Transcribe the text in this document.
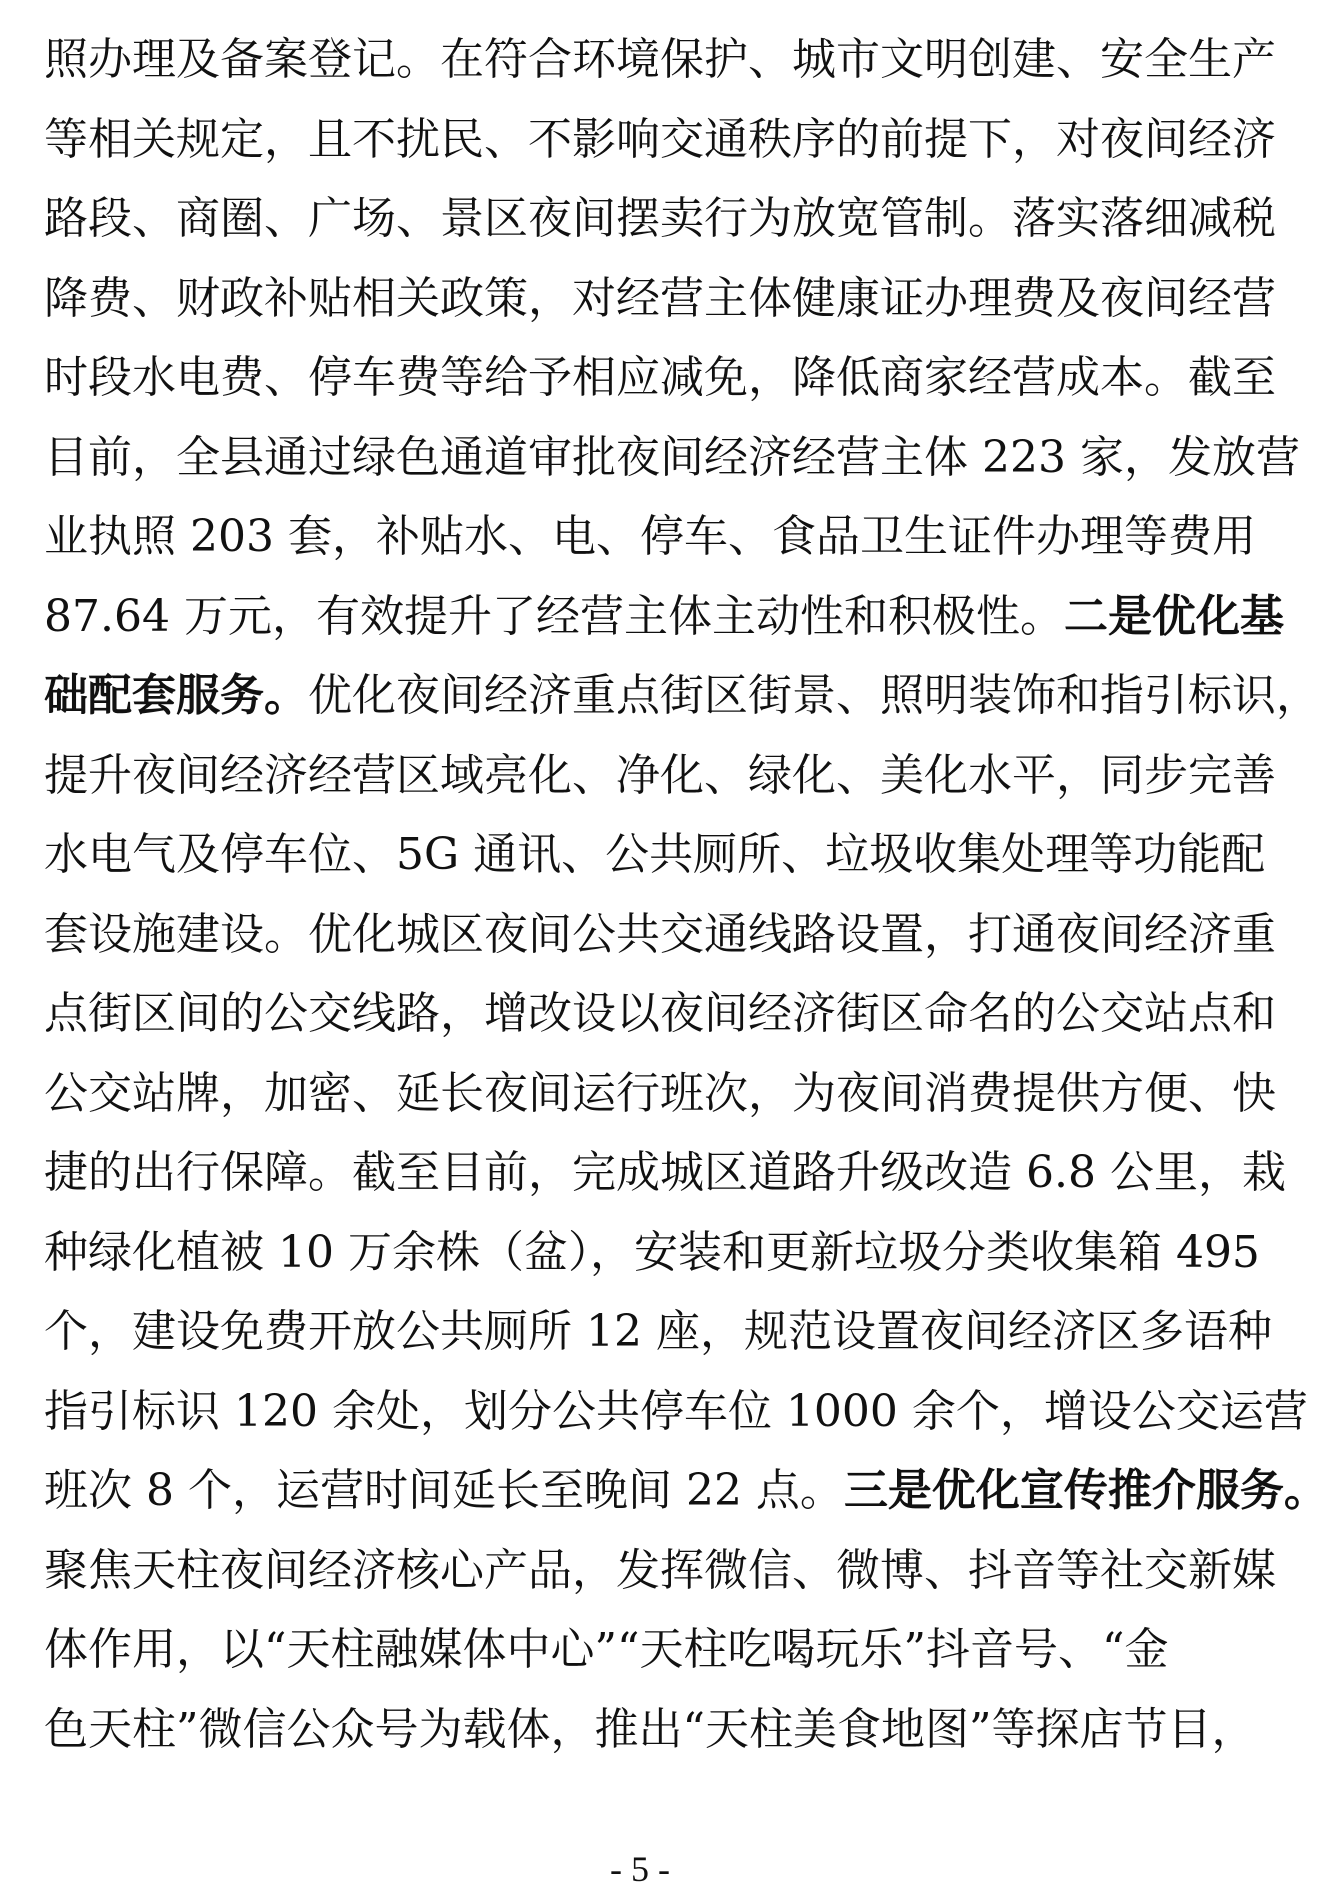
照办理及备案登记。在符合环境保护、城市文明创建、安全生产
等相关规定，且不扰民、不影响交通秩序的前提下，对夜间经济
路段、商圈、广场、景区夜间摆卖行为放宽管制。落实落细减税
降费、财政补贴相关政策，对经营主体健康证办理费及夜间经营
时段水电费、停车费等给予相应减免，降低商家经营成本。截至
目前，全县通过绿色通道审批夜间经济经营主体 223 家，发放营
业执照 203 套，补贴水、电、停车、食品卫生证件办理等费用
87.64 万元，有效提升了经营主体主动性和积极性。二是优化基
础配套服务。优化夜间经济重点街区街景、照明装饰和指引标识，
提升夜间经济经营区域亮化、净化、绿化、美化水平，同步完善
水电气及停车位、5G 通讯、公共厕所、垃圾收集处理等功能配
套设施建设。优化城区夜间公共交通线路设置，打通夜间经济重
点街区间的公交线路，增改设以夜间经济街区命名的公交站点和
公交站牌，加密、延长夜间运行班次，为夜间消费提供方便、快
捷的出行保障。截至目前，完成城区道路升级改造 6.8 公里，栽
种绿化植被 10 万余株（盆），安装和更新垃圾分类收集箱 495
个，建设免费开放公共厕所 12 座，规范设置夜间经济区多语种
指引标识 120 余处，划分公共停车位 1000 余个，增设公交运营
班次 8 个，运营时间延长至晚间 22 点。三是优化宣传推介服务。
聚焦天柱夜间经济核心产品，发挥微信、微博、抖音等社交新媒
体作用，以“天柱融媒体中心”“天柱吃喝玩乐”抖音号、“金
色天柱”微信公众号为载体，推出“天柱美食地图”等探店节目，
- 5 -
